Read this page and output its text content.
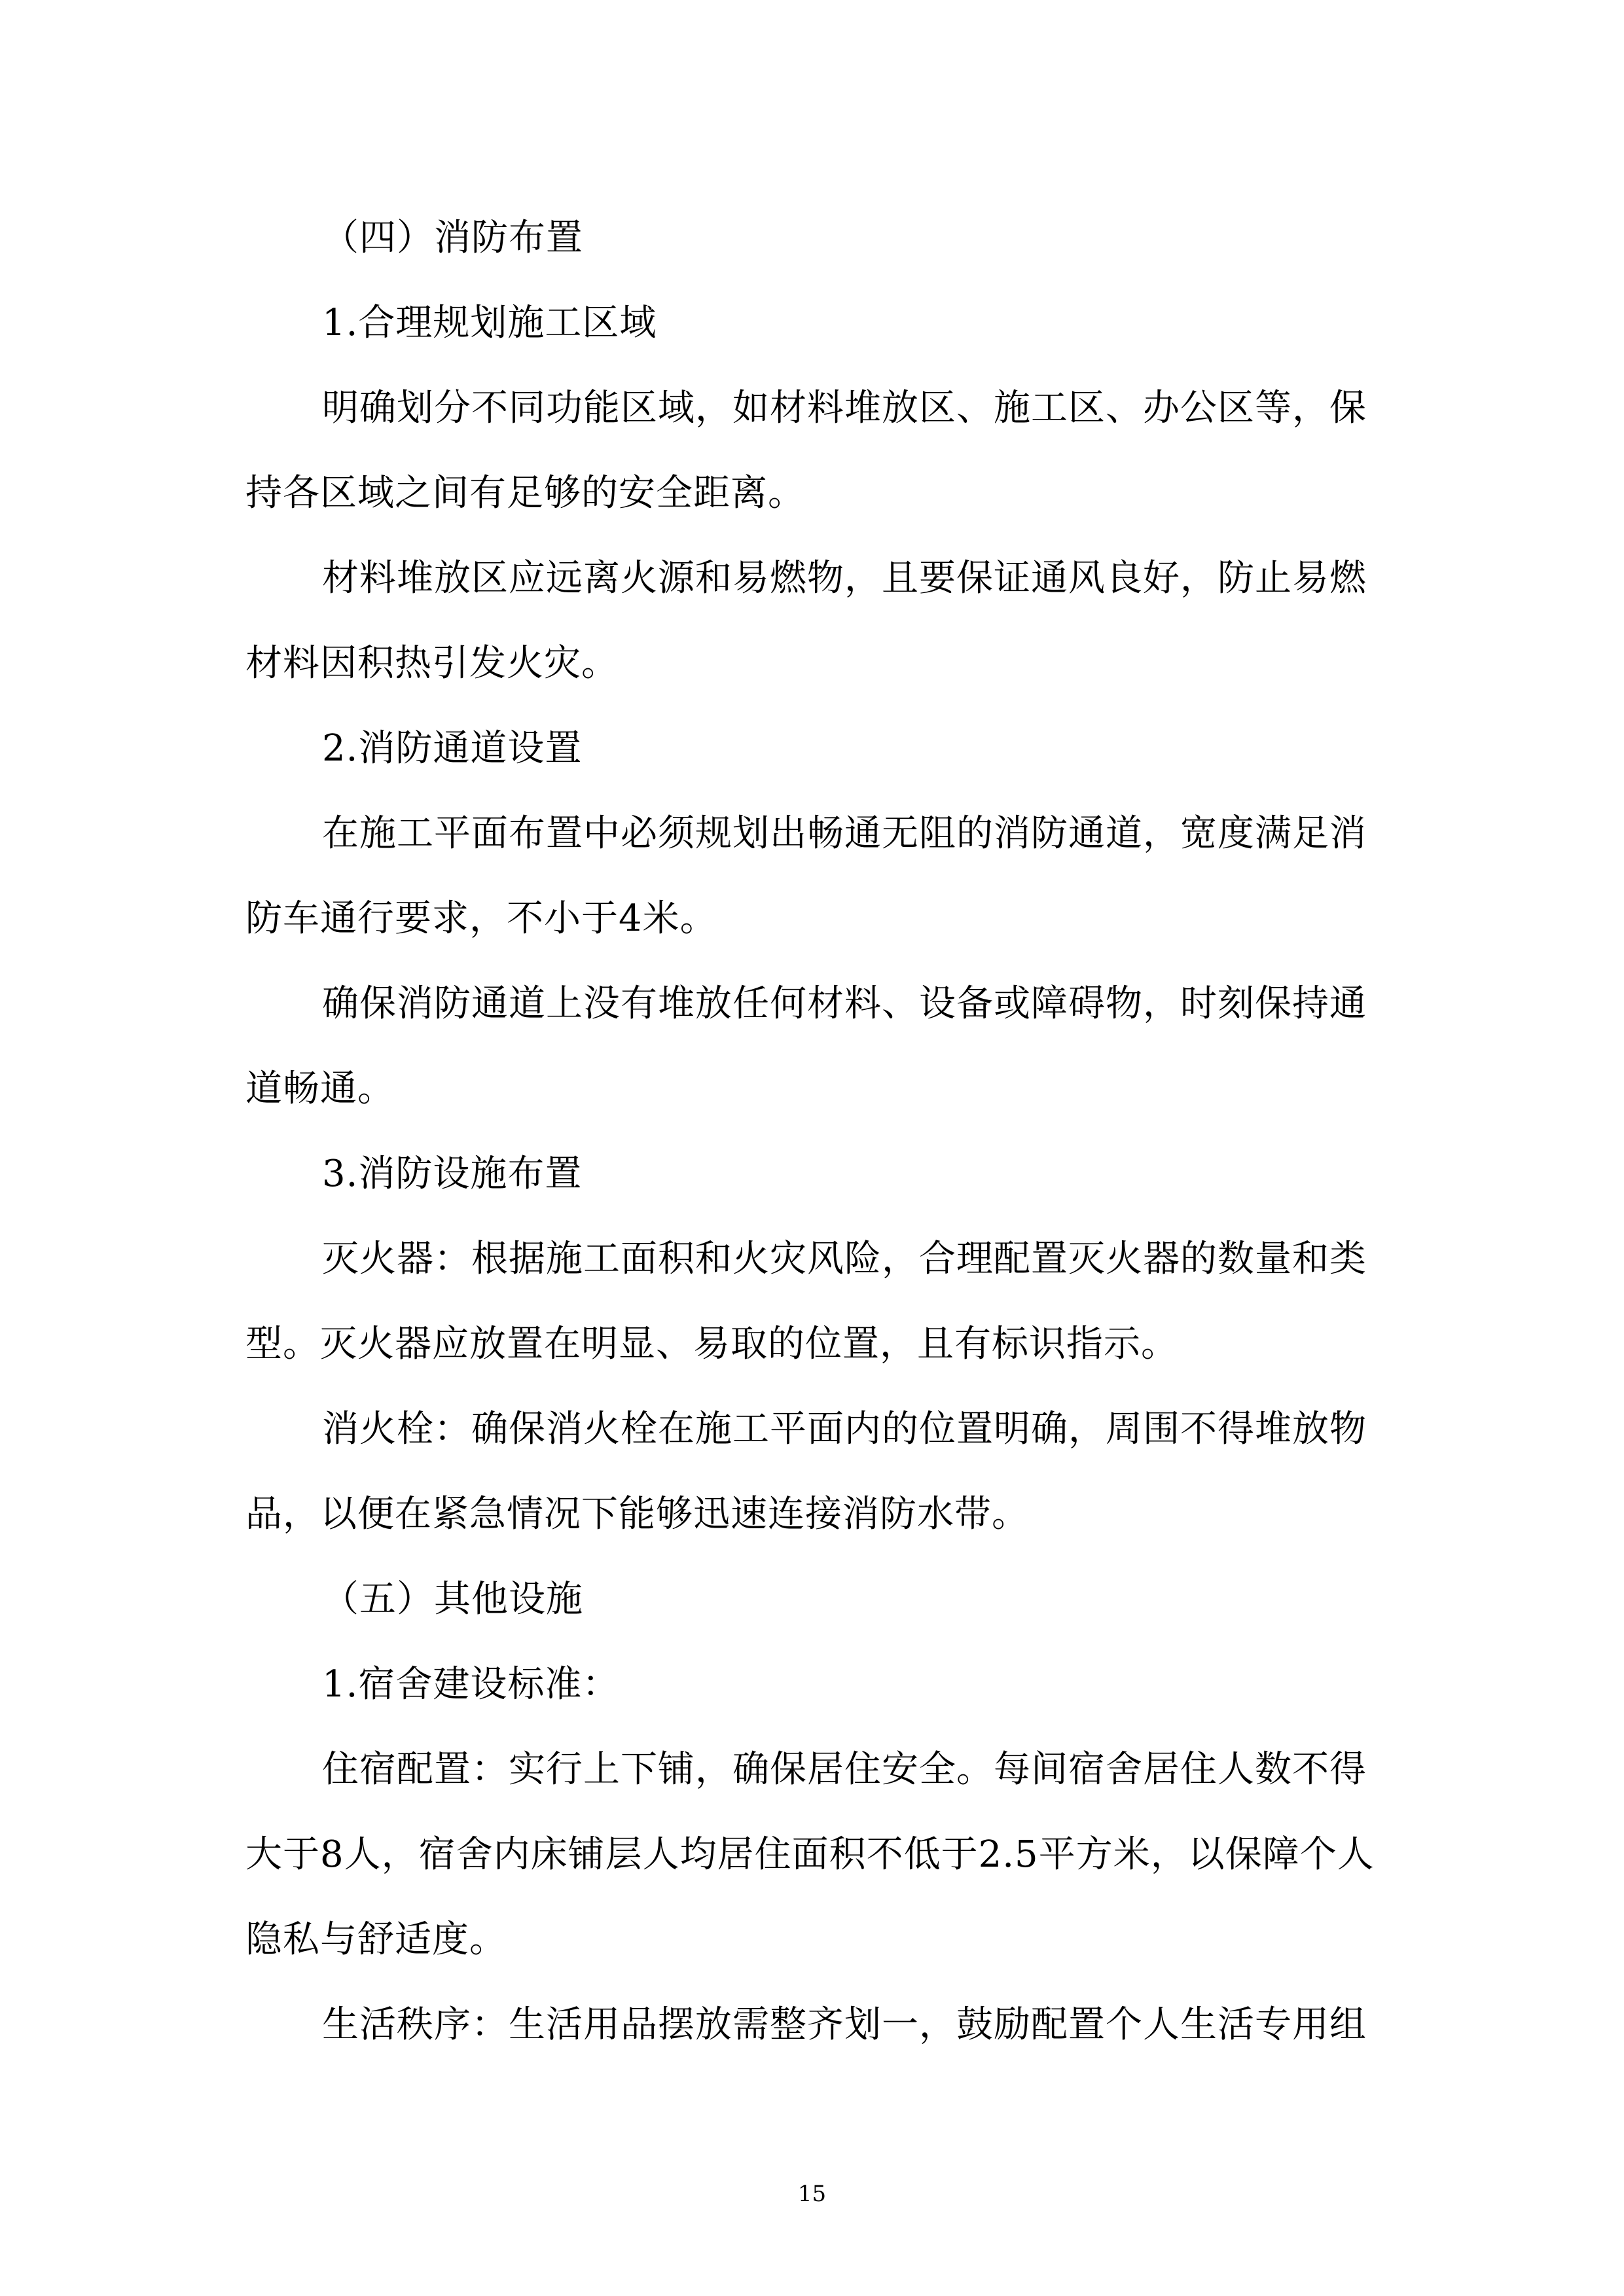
（四）消防布置
1.合理规划施工区域
明确划分不同功能区域，如材料堆放区、施工区、办公区等，保
持各区域之间有足够的安全距离。
材料堆放区应远离火源和易燃物，且要保证通风良好，防止易燃
材料因积热引发火灾。
2.消防通道设置
在施工平面布置中必须规划出畅通无阻的消防通道，宽度满足消
防车通行要求，不小于4米。
确保消防通道上没有堆放任何材料、设备或障碍物，时刻保持通
道畅通。
3.消防设施布置
灭火器：根据施工面积和火灾风险，合理配置灭火器的数量和类
型。灭火器应放置在明显、易取的位置，且有标识指示。
消火栓：确保消火栓在施工平面内的位置明确，周围不得堆放物
品，以便在紧急情况下能够迅速连接消防水带。
（五）其他设施
1.宿舍建设标准：
住宿配置：实行上下铺，确保居住安全。每间宿舍居住人数不得
大于8人，宿舍内床铺层人均居住面积不低于2.5平方米，以保障个人
隐私与舒适度。
生活秩序：生活用品摆放需整齐划一，鼓励配置个人生活专用组
15
